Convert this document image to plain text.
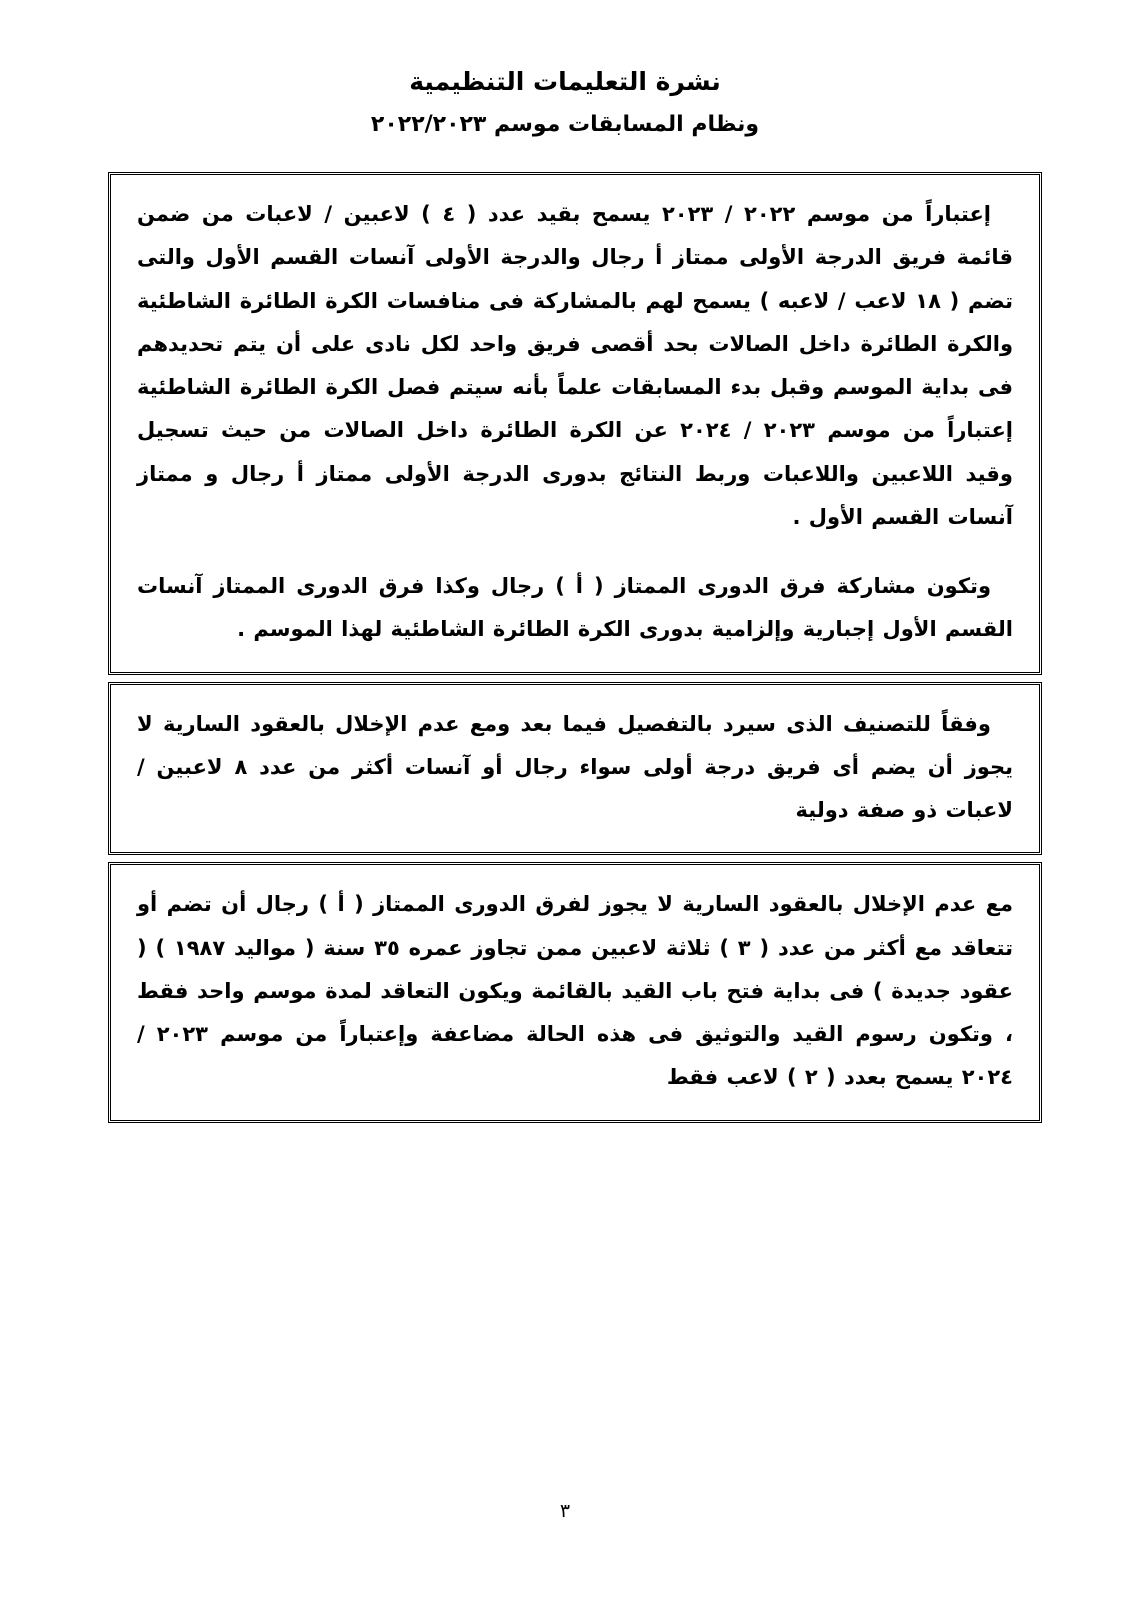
نشرة التعليمات التنظيمية
ونظام المسابقات موسم ٢٠٢٢/٢٠٢٣

إعتباراً من موسم ٢٠٢٢ / ٢٠٢٣ يسمح بقيد عدد ( ٤ ) لاعبين / لاعبات من ضمن قائمة فريق الدرجة الأولى ممتاز أ رجال والدرجة الأولى آنسات القسم الأول والتى تضم ( ١٨ لاعب / لاعبه ) يسمح لهم بالمشاركة فى منافسات الكرة الطائرة الشاطئية والكرة الطائرة داخل الصالات بحد أقصى فريق واحد لكل نادى على أن يتم تحديدهم فى بداية الموسم وقبل بدء المسابقات علماً بأنه سيتم فصل الكرة الطائرة الشاطئية إعتباراً من موسم ٢٠٢٣ / ٢٠٢٤ عن الكرة الطائرة داخل الصالات من حيث تسجيل وقيد اللاعبين واللاعبات وربط النتائج بدورى الدرجة الأولى ممتاز أ رجال و ممتاز آنسات القسم الأول .

وتكون مشاركة فرق الدورى الممتاز ( أ ) رجال وكذا فرق الدورى الممتاز آنسات القسم الأول إجبارية وإلزامية بدورى الكرة الطائرة الشاطئية لهذا الموسم .

وفقاً للتصنيف الذى سيرد بالتفصيل فيما بعد ومع عدم الإخلال بالعقود السارية لا يجوز أن يضم أى فريق درجة أولى سواء رجال أو آنسات أكثر من عدد ٨ لاعبين / لاعبات ذو صفة دولية

مع عدم الإخلال بالعقود السارية لا يجوز لفرق الدورى الممتاز ( أ ) رجال أن تضم أو تتعاقد مع أكثر من عدد ( ٣ ) ثلاثة لاعبين ممن تجاوز عمره ٣٥ سنة ( مواليد ١٩٨٧ ) ( عقود جديدة ) فى بداية فتح باب القيد بالقائمة ويكون التعاقد لمدة موسم واحد فقط ، وتكون رسوم القيد والتوثيق فى هذه الحالة مضاعفة وإعتباراً من موسم ٢٠٢٣ / ٢٠٢٤ يسمح بعدد ( ٢ ) لاعب فقط

٣
